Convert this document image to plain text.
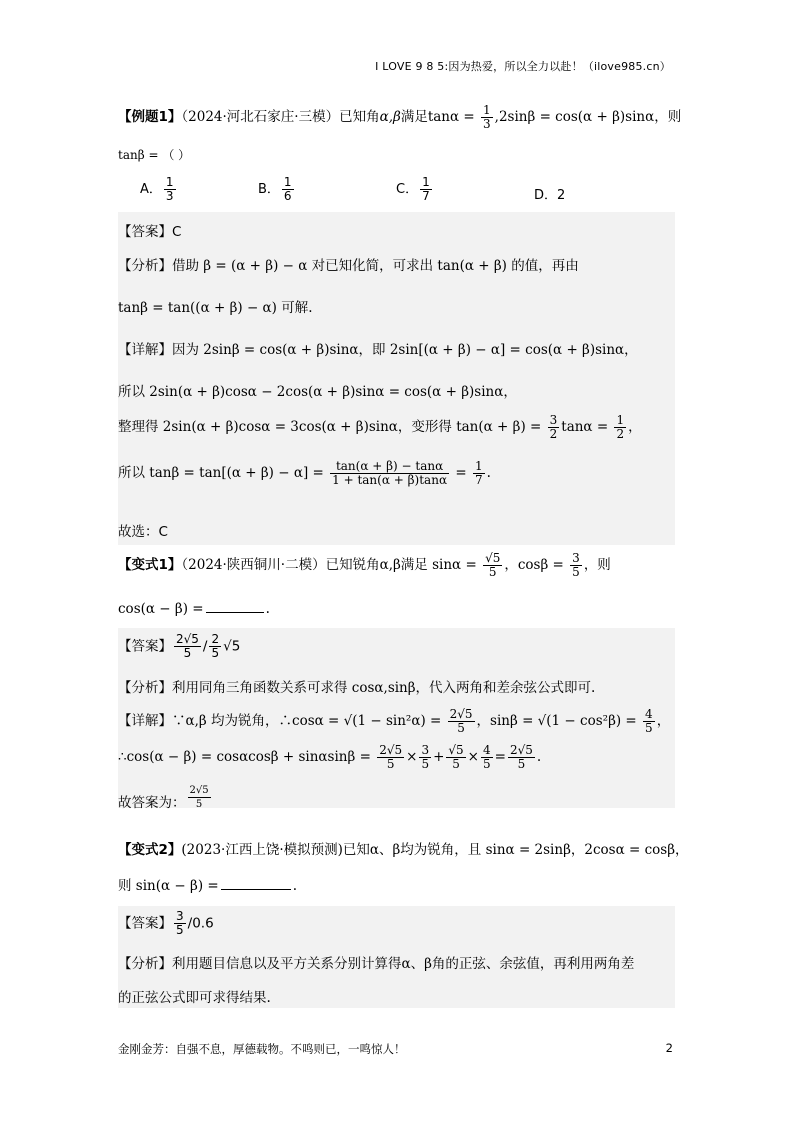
I LOVE 9 8 5:因为热爱，所以全力以赴！（ilove985.cn）
【例题1】（2024·河北石家庄·三模）已知角α,β满足$\tan\alpha = \frac{1}{3} ,2\sin\beta = \cos(\alpha + \beta)\sin\alpha$，则
tanβ = （ ）
A． $\frac{1}{3}$	B． $\frac{1}{6}$	C． $\frac{1}{7}$	D．2
【答案】C
【分析】借助 β = (α + β) − α 对已知化简，可求出 tan(α + β) 的值，再由
tanβ = tan((α + β) − α) 可解.
【详解】因为 2sinβ = cos(α + β)sinα，即 2sin[(α + β) − α] = cos(α + β)sinα，
所以 2sin(α + β)cosα − 2cos(α + β)sinα = cos(α + β)sinα，
整理得 2sin(α + β)cosα = 3cos(α + β)sinα，变形得 $\tan(\alpha + \beta) = \frac{3}{2}$ $\tan\alpha = \frac{1}{2}$ ，
所以 $\tan\beta = \tan[(\alpha + \beta) - \alpha] = \frac{\tan(\alpha + \beta) - \tan\alpha}{1 + \tan(\alpha + \beta)\tan\alpha} = \frac{1}{7}$ .
故选：C
【变式1】（2024·陕西铜川·二模）已知锐角α,β满足 $\sin\alpha = \frac{√5}{5}$ ，$\cos\beta = \frac{3}{5}$ ，则
cos(α − β) =	.
【答案】 $\frac{2√5}{5} / \frac{2}{5} √5$
【分析】利用同角三角函数关系可求得 cosα,sinβ，代入两角和差余弦公式即可.
【详解】∵α,β 均为锐角，∴cosα = $√(1 - \sin^2\alpha) = \frac{2√5}{5}$ ，$\sin\beta = √(1 - \cos^2\beta) = \frac{4}{5}$ ，
∴cos(α − $\beta) = \cos\alpha\cos\beta + \sin\alpha\sin\beta = \frac{2√5}{5} \times \frac{3}{5} + \frac{√5}{5} \times \frac{4}{5} = \frac{2√5}{5}$ .
故答案为： $\frac{2√5}{5}$
【变式2】(2023·江西上饶·模拟预测)已知α、β均为锐角，且 sinα = 2sinβ，2cosα = cosβ，
则 sin(α − β) =	.
【答案】 $\frac{3}{5} /0.6$
【分析】利用题目信息以及平方关系分别计算得α、β角的正弦、余弦值，再利用两角差
的正弦公式即可求得结果.
金刚金芳：自强不息，厚德载物。不鸣则已，一鸣惊人！	2
